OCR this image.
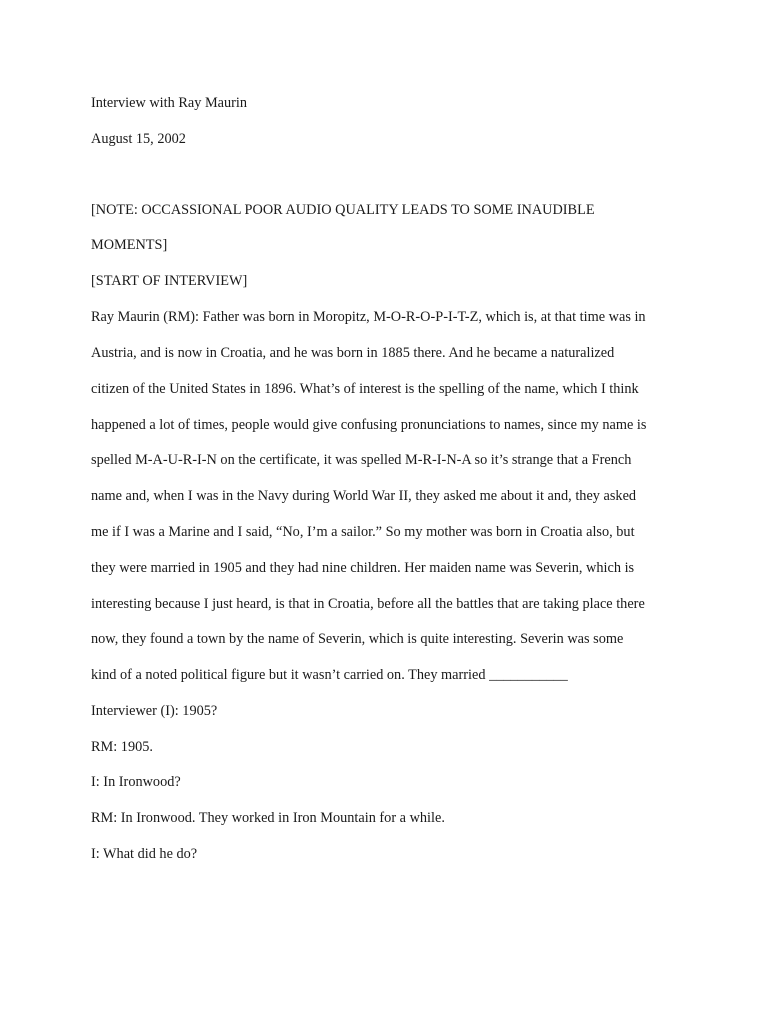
Interview with Ray Maurin

August 15, 2002

[NOTE: OCCASSIONAL POOR AUDIO QUALITY LEADS TO SOME INAUDIBLE

MOMENTS]

[START OF INTERVIEW]

Ray Maurin (RM): Father was born in Moropitz, M-O-R-O-P-I-T-Z, which is, at that time was in

Austria, and is now in Croatia, and he was born in 1885 there. And he became a naturalized

citizen of the United States in 1896. What’s of interest is the spelling of the name, which I think

happened a lot of times, people would give confusing pronunciations to names, since my name is

spelled M-A-U-R-I-N on the certificate, it was spelled M-R-I-N-A so it’s strange that a French

name and, when I was in the Navy during World War II, they asked me about it and, they asked

me if I was a Marine and I said, “No, I’m a sailor.” So my mother was born in Croatia also, but

they were married in 1905 and they had nine children. Her maiden name was Severin, which is

interesting because I just heard, is that in Croatia, before all the battles that are taking place there

now, they found a town by the name of Severin, which is quite interesting. Severin was some

kind of a noted political figure but it wasn’t carried on. They married ___________

Interviewer (I): 1905?

RM: 1905.

I: In Ironwood?

RM: In Ironwood. They worked in Iron Mountain for a while.

I: What did he do?
